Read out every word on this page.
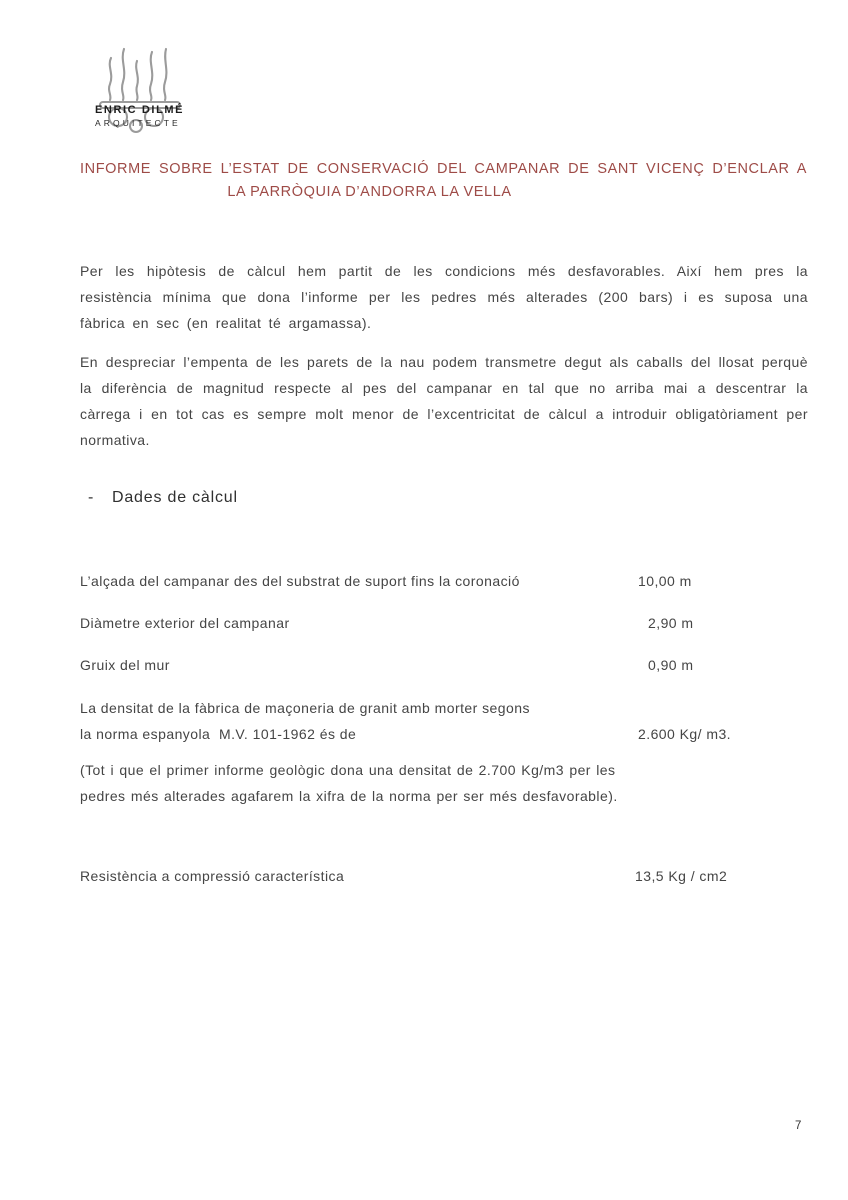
ENRIC DILMÉ
ARQUITECTE
INFORME SOBRE L’ESTAT DE CONSERVACIÓ DEL CAMPANAR DE SANT VICENÇ D’ENCLAR A
LA PARRÒQUIA D’ANDORRA LA VELLA
Per les hipòtesis de càlcul hem partit de les condicions més desfavorables. Així hem pres la resistència mínima que dona l’informe per les pedres més alterades (200 bars) i es suposa una fàbrica en sec (en realitat té argamassa).
En despreciar l’empenta de les parets de la nau podem transmetre degut als caballs del llosat perquè la diferència de magnitud respecte al pes del campanar en tal que no arriba mai a descentrar la càrrega i en tot cas es sempre molt menor de l’excentricitat de càlcul a introduir obligatòriament per normativa.
-	Dades de càlcul
L’alçada del campanar des del substrat de suport fins la coronació	10,00 m
Diàmetre exterior del campanar	2,90 m
Gruix del mur	0,90 m
La densitat de la fàbrica de maçoneria de granit amb morter segons la norma espanyola  M.V. 101-1962 és de	2.600 Kg/ m3.
(Tot i que el primer informe geològic dona una densitat de 2.700 Kg/m3 per les pedres més alterades agafarem la xifra de la norma per ser més desfavorable).
Resistència a compressió característica	13,5 Kg / cm2
7
